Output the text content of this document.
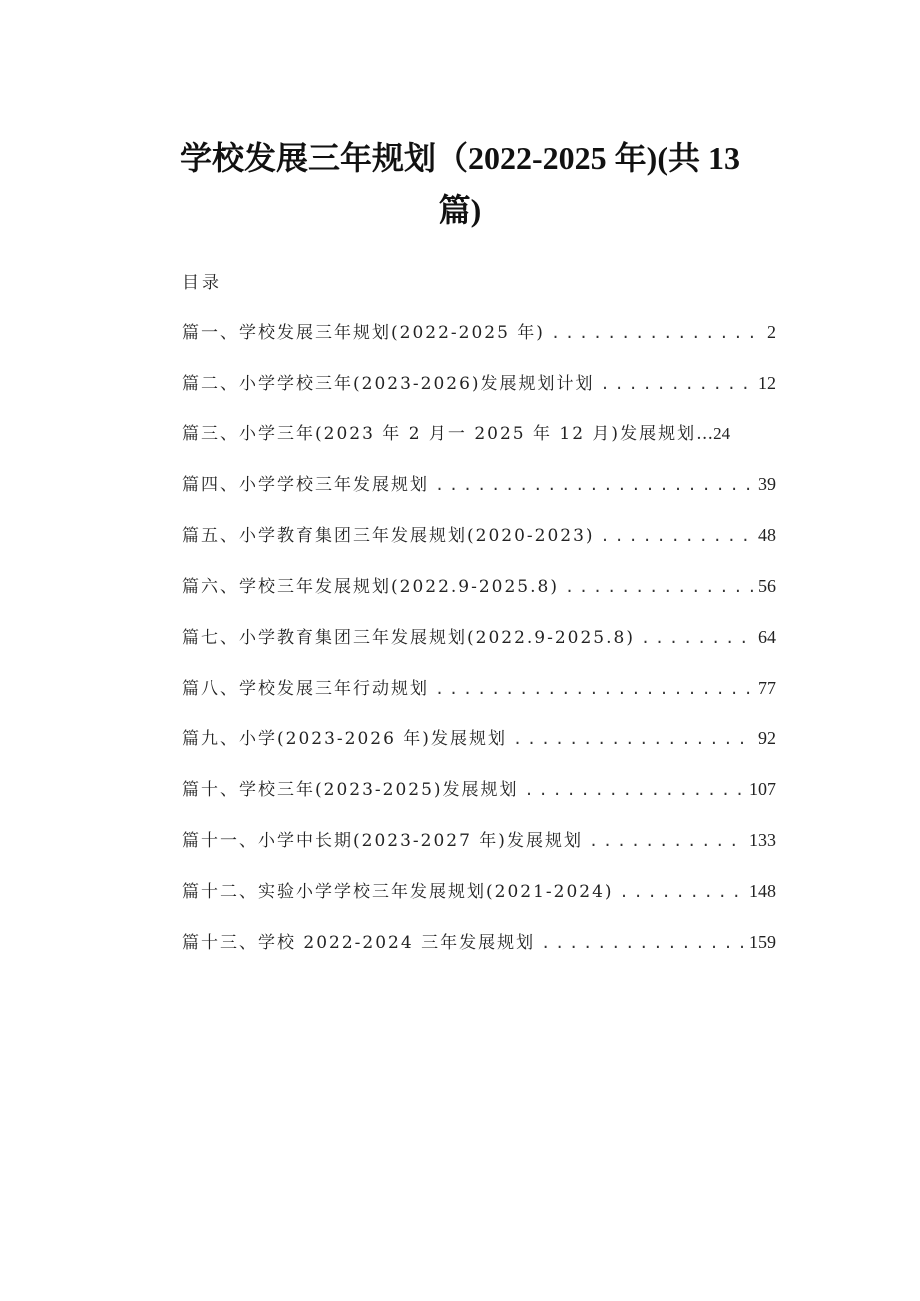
学校发展三年规划（2022-2025 年)(共 13 篇)
目录
篇一、学校发展三年规划(2022-2025 年) .....	2
篇二、小学学校三年(2023-2026)发展规划计划 .....	12
篇三、小学三年(2023 年 2 月一 2025 年 12 月)发展规划…24
篇四、小学学校三年发展规划 .....	39
篇五、小学教育集团三年发展规划(2020-2023) .....	48
篇六、学校三年发展规划(2022.9-2025.8) .....	56
篇七、小学教育集团三年发展规划(2022.9-2025.8) .....	64
篇八、学校发展三年行动规划 .....	77
篇九、小学(2023-2026 年)发展规划 .....	92
篇十、学校三年(2023-2025)发展规划 .....	107
篇十一、小学中长期(2023-2027 年)发展规划 .....	133
篇十二、实验小学学校三年发展规划(2021-2024) .....	148
篇十三、学校 2022-2024 三年发展规划 .....	159
